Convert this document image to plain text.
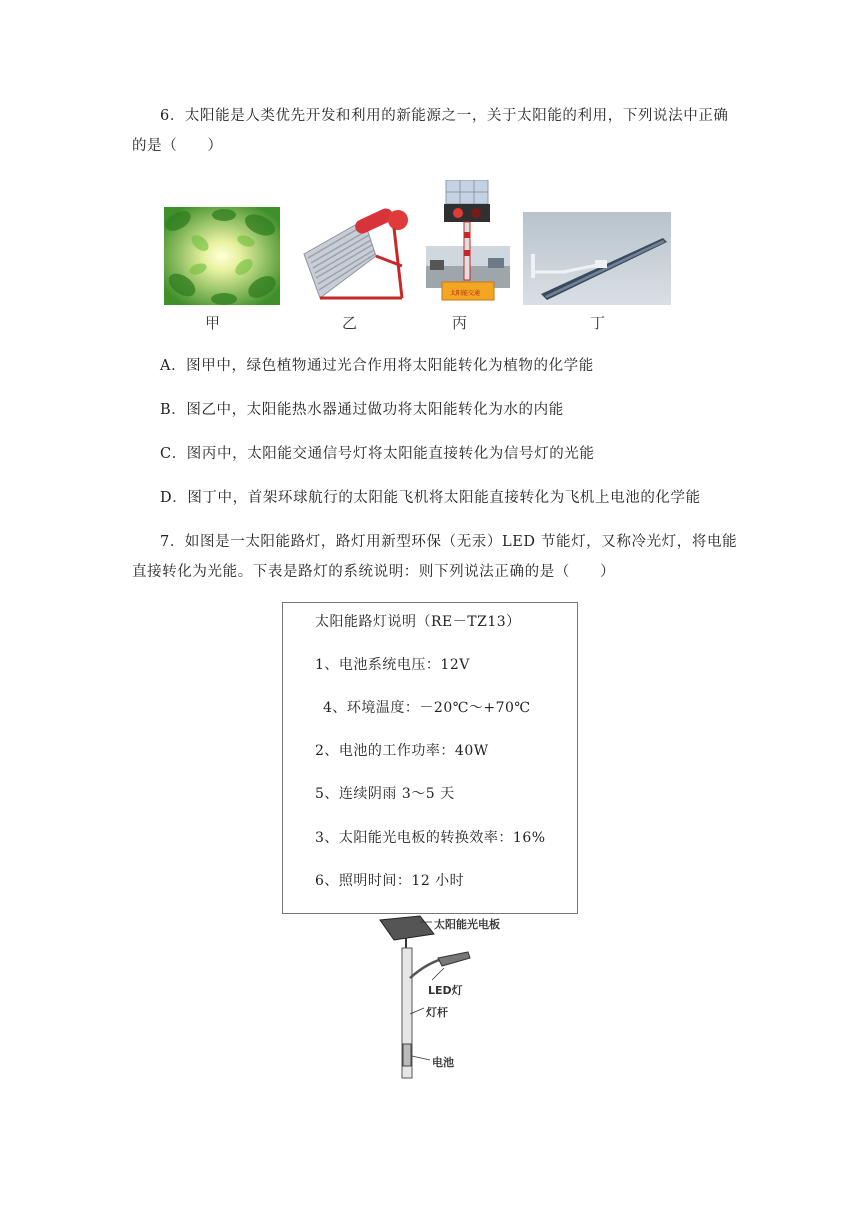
6．太阳能是人类优先开发和利用的新能源之一，关于太阳能的利用，下列说法中正确
的是（　　）
太阳能交通
甲	乙	丙	丁
A．图甲中，绿色植物通过光合作用将太阳能转化为植物的化学能
B．图乙中，太阳能热水器通过做功将太阳能转化为水的内能
C．图丙中，太阳能交通信号灯将太阳能直接转化为信号灯的光能
D．图丁中，首架环球航行的太阳能飞机将太阳能直接转化为飞机上电池的化学能
7．如图是一太阳能路灯，路灯用新型环保（无汞）LED 节能灯，又称冷光灯，将电能
直接转化为光能。下表是路灯的系统说明：则下列说法正确的是（　　）
太阳能路灯说明（RE－TZ13）
1、电池系统电压：12V
4、环境温度：－20℃～+70℃
2、电池的工作功率：40W
5、连续阴雨 3～5 天
3、太阳能光电板的转换效率：16%
6、照明时间：12 小时
太阳能光电板
LED灯
灯杆
电池
